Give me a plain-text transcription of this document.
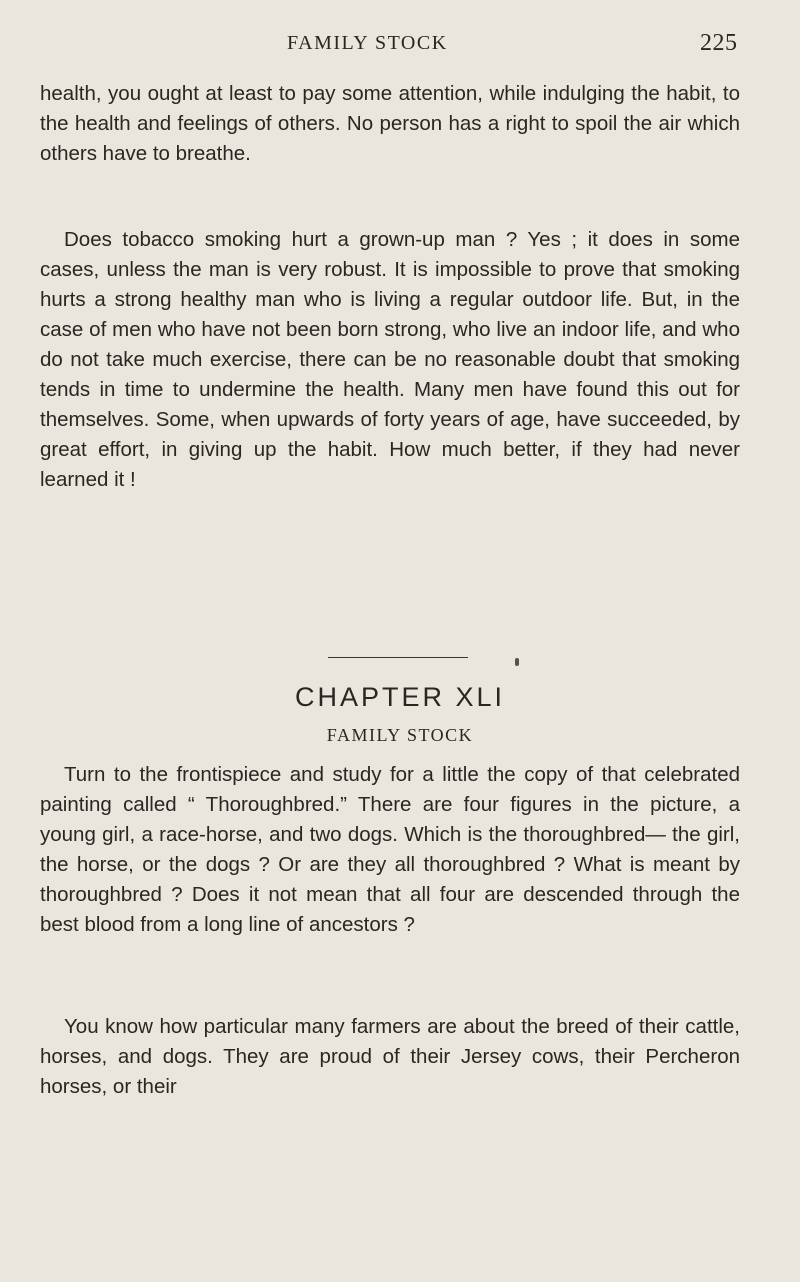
FAMILY STOCK	225

health, you ought at least to pay some attention, while indulging the habit, to the health and feelings of others. No person has a right to spoil the air which others have to breathe.

Does tobacco smoking hurt a grown-up man ? Yes ; it does in some cases, unless the man is very robust. It is impossible to prove that smoking hurts a strong healthy man who is living a regular outdoor life. But, in the case of men who have not been born strong, who live an indoor life, and who do not take much exercise, there can be no reasonable doubt that smoking tends in time to undermine the health. Many men have found this out for themselves. Some, when upwards of forty years of age, have succeeded, by great effort, in giving up the habit. How much better, if they had never learned it !

CHAPTER XLI
FAMILY STOCK

Turn to the frontispiece and study for a little the copy of that celebrated painting called “ Thoroughbred.” There are four figures in the picture, a young girl, a race-horse, and two dogs. Which is the thoroughbred— the girl, the horse, or the dogs ? Or are they all thoroughbred ? What is meant by thoroughbred ? Does it not mean that all four are descended through the best blood from a long line of ancestors ?

You know how particular many farmers are about the breed of their cattle, horses, and dogs. They are proud of their Jersey cows, their Percheron horses, or their
